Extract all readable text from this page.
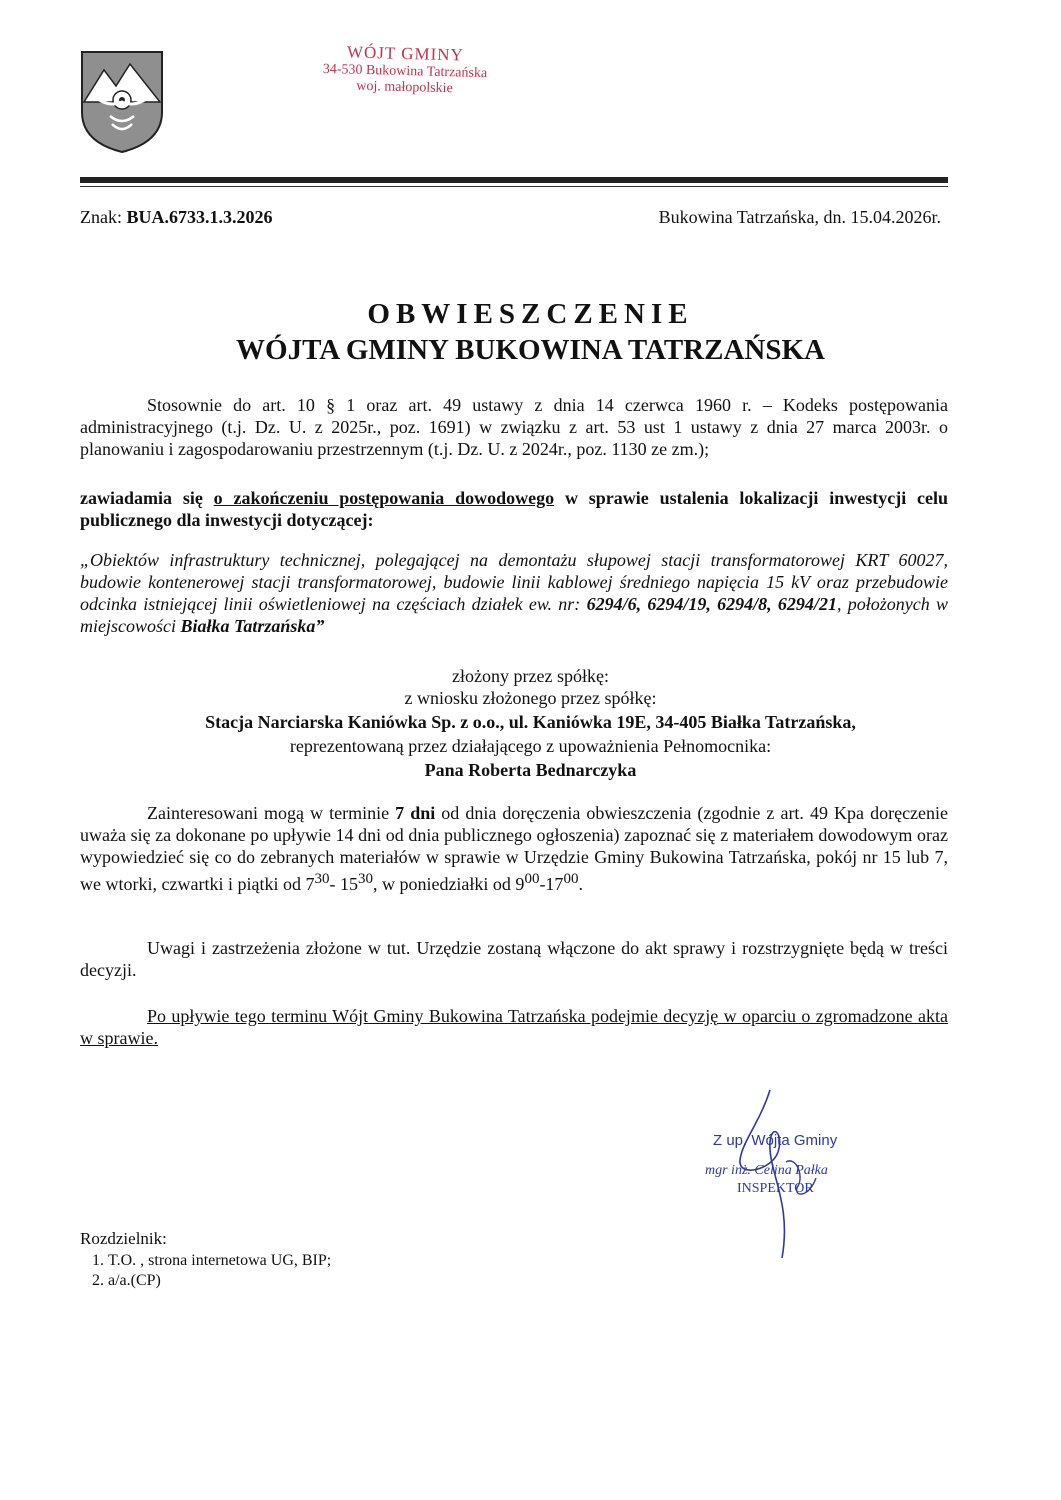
WÓJT GMINY
34-530 Bukowina Tatrzańska
woj. małopolskie
Znak: BUA.6733.1.3.2026	Bukowina Tatrzańska, dn. 15.04.2026r.
OBWIESZCZENIE
WÓJTA GMINY BUKOWINA TATRZAŃSKA
Stosownie do art. 10 § 1 oraz art. 49 ustawy z dnia 14 czerwca 1960 r. – Kodeks postępowania administracyjnego (t.j. Dz. U. z 2025r., poz. 1691) w związku z art. 53 ust 1 ustawy z dnia 27 marca 2003r. o planowaniu i zagospodarowaniu przestrzennym (t.j. Dz. U. z 2024r., poz. 1130 ze zm.);
zawiadamia się o zakończeniu postępowania dowodowego w sprawie ustalenia lokalizacji inwestycji celu publicznego dla inwestycji dotyczącej:
„Obiektów infrastruktury technicznej, polegającej na demontażu słupowej stacji transformatorowej KRT 60027, budowie kontenerowej stacji transformatorowej, budowie linii kablowej średniego napięcia 15 kV oraz przebudowie odcinka istniejącej linii oświetleniowej na częściach działek ew. nr: 6294/6, 6294/19, 6294/8, 6294/21, położonych w miejscowości Białka Tatrzańska”
złożony przez spółkę:
z wniosku złożonego przez spółkę:
Stacja Narciarska Kaniówka Sp. z o.o., ul. Kaniówka 19E, 34-405 Białka Tatrzańska,
reprezentowaną przez działającego z upoważnienia Pełnomocnika:
Pana Roberta Bednarczyka
Zainteresowani mogą w terminie 7 dni od dnia doręczenia obwieszczenia (zgodnie z art. 49 Kpa doręczenie uważa się za dokonane po upływie 14 dni od dnia publicznego ogłoszenia) zapoznać się z materiałem dowodowym oraz wypowiedzieć się co do zebranych materiałów w sprawie w Urzędzie Gminy Bukowina Tatrzańska, pokój nr 15 lub 7, we wtorki, czwartki i piątki od $7^{30}-$ $15^{30}$, w poniedziałki od $9^{00}-17^{00}$.
Uwagi i zastrzeżenia złożone w tut. Urzędzie zostaną włączone do akt sprawy i rozstrzygnięte będą w treści decyzji.
Po upływie tego terminu Wójt Gminy Bukowina Tatrzańska podejmie decyzję w oparciu o zgromadzone akta w sprawie.
Z up. Wójta Gminy
mgr inż. Celina Pałka
INSPEKTOR
Rozdzielnik:
1. T.O. , strona internetowa UG, BIP;
2. a/a.(CP)
